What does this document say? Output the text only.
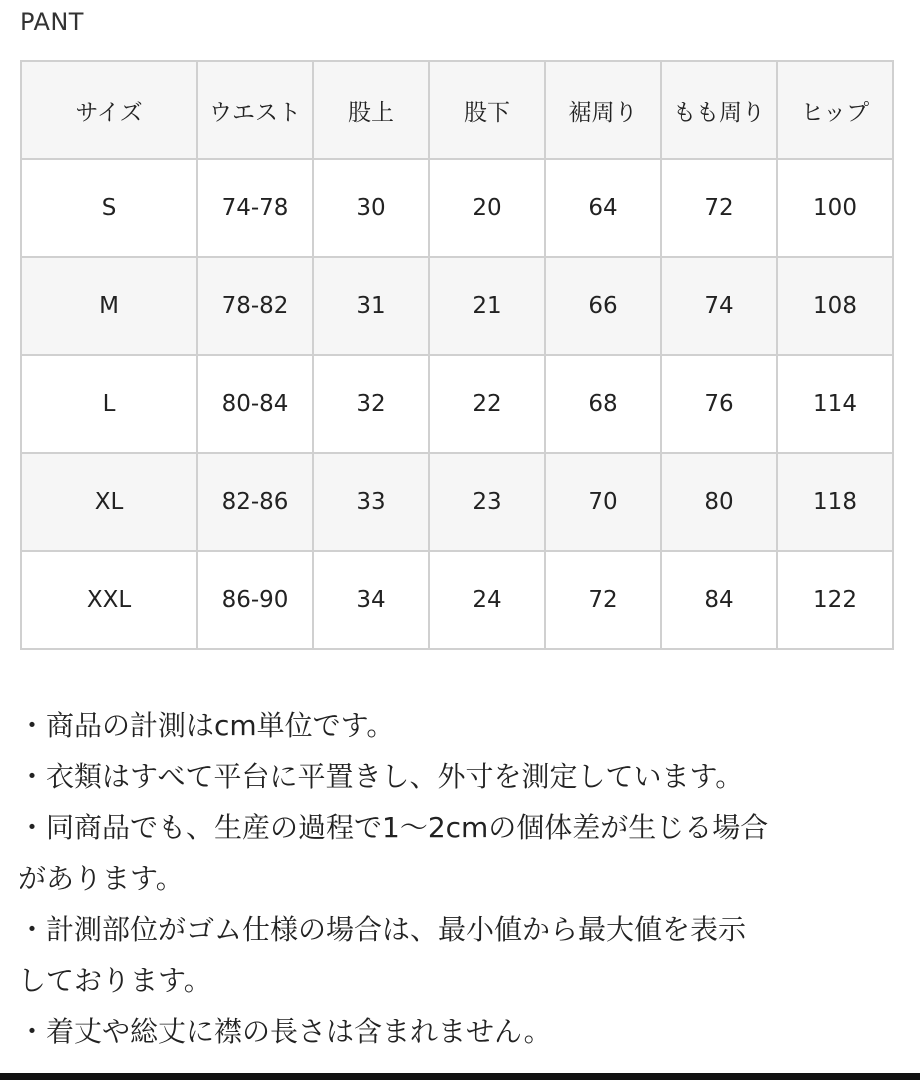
PANT
サイズ	ウエスト	股上	股下	裾周り	もも周り	ヒップ
S	74-78	30	20	64	72	100
M	78-82	31	21	66	74	108
L	80-84	32	22	68	76	114
XL	82-86	33	23	70	80	118
XXL	86-90	34	24	72	84	122
・商品の計測はcm単位です。
・衣類はすべて平台に平置きし、外寸を測定しています。
・同商品でも、生産の過程で1〜2cmの個体差が生じる場合
があります。
・計測部位がゴム仕様の場合は、最小値から最大値を表示
しております。
・着丈や総丈に襟の長さは含まれません。
